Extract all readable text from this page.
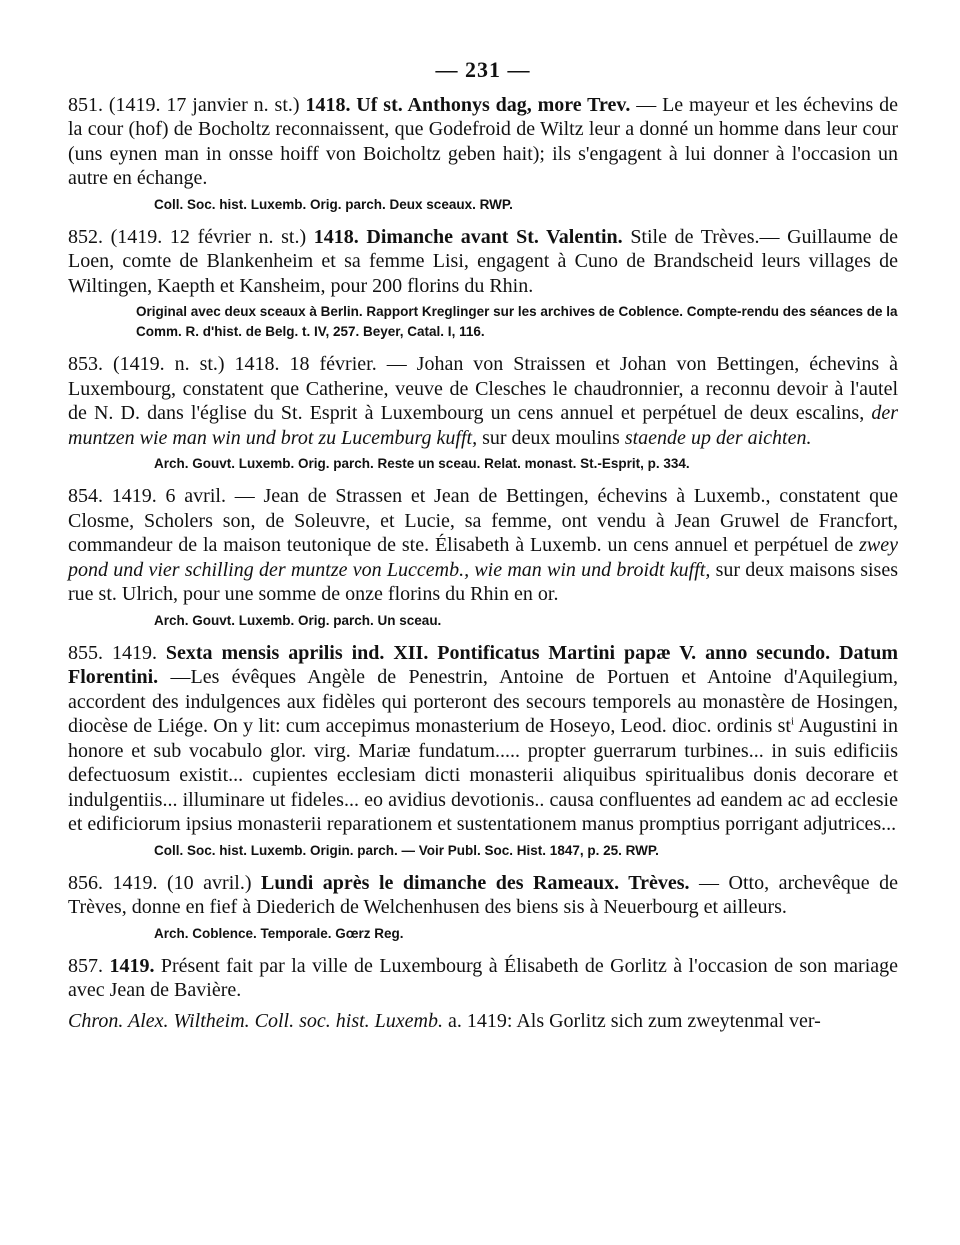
— 231 —
851. (1419. 17 janvier n. st.) 1418. Uf st. Anthonys dag, more Trev. — Le mayeur et les échevins de la cour (hof) de Bocholtz reconnaissent, que Godefroid de Wiltz leur a donné un homme dans leur cour (uns eynen man in onsse hoiff von Boicholtz geben hait); ils s'engagent à lui donner à l'occasion un autre en échange.
Coll. Soc. hist. Luxemb. Orig. parch. Deux sceaux. RWP.
852. (1419. 12 février n. st.) 1418. Dimanche avant St. Valentin. Stile de Trèves.— Guillaume de Loen, comte de Blankenheim et sa femme Lisi, engagent à Cuno de Brandscheid leurs villages de Wiltingen, Kaepth et Kansheim, pour 200 florins du Rhin.
Original avec deux sceaux à Berlin. Rapport Kreglinger sur les archives de Coblence. Compte-rendu des séances de la Comm. R. d'hist. de Belg. t. IV, 257. Beyer, Catal. I, 116.
853. (1419. n. st.) 1418. 18 février. — Johan von Straissen et Johan von Bettingen, échevins à Luxembourg, constatent que Catherine, veuve de Clesches le chaudronnier, a reconnu devoir à l'autel de N. D. dans l'église du St. Esprit à Luxembourg un cens annuel et perpétuel de deux escalins, der muntzen wie man win und brot zu Lucemburg kufft, sur deux moulins staende up der aichten.
Arch. Gouvt. Luxemb. Orig. parch. Reste un sceau. Relat. monast. St.-Esprit, p. 334.
854. 1419. 6 avril. — Jean de Strassen et Jean de Bettingen, échevins à Luxemb., constatent que Closme, Scholers son, de Soleuvre, et Lucie, sa femme, ont vendu à Jean Gruwel de Francfort, commandeur de la maison teutonique de ste. Élisabeth à Luxemb. un cens annuel et perpétuel de zwey pond und vier schilling der muntze von Luccemb., wie man win und broidt kufft, sur deux maisons sises rue st. Ulrich, pour une somme de onze florins du Rhin en or.
Arch. Gouvt. Luxemb. Orig. parch. Un sceau.
855. 1419. Sexta mensis aprilis ind. XII. Pontificatus Martini papæ V. anno secundo. Datum Florentini. —Les évêques Angèle de Penestrin, Antoine de Portuen et Antoine d'Aquilegium, accordent des indulgences aux fidèles qui porteront des secours temporels au monastère de Hosingen, diocèse de Liége. On y lit: cum accepimus monasterium de Hoseyo, Leod. dioc. ordinis $st^i$ Augustini in honore et sub vocabulo glor. virg. Mariæ fundatum..... propter guerrarum turbines... in suis edificiis defectuosum existit... cupientes ecclesiam dicti monasterii aliquibus spiritualibus donis decorare et indulgentiis... illuminare ut fideles... eo avidius devotionis.. causa confluentes ad eandem ac ad ecclesie et edificiorum ipsius monasterii reparationem et sustentationem manus promptius porrigant adjutrices...
Coll. Soc. hist. Luxemb. Origin. parch. — Voir Publ. Soc. Hist. 1847, p. 25. RWP.
856. 1419. (10 avril.) Lundi après le dimanche des Rameaux. Trèves. — Otto, archevêque de Trèves, donne en fief à Diederich de Welchenhusen des biens sis à Neuerbourg et ailleurs.
Arch. Coblence. Temporale. Gœrz Reg.
857. 1419. Présent fait par la ville de Luxembourg à Élisabeth de Gorlitz à l'occasion de son mariage avec Jean de Bavière.
Chron. Alex. Wiltheim. Coll. soc. hist. Luxemb. a. 1419: Als Gorlitz sich zum zweytenmal ver-
